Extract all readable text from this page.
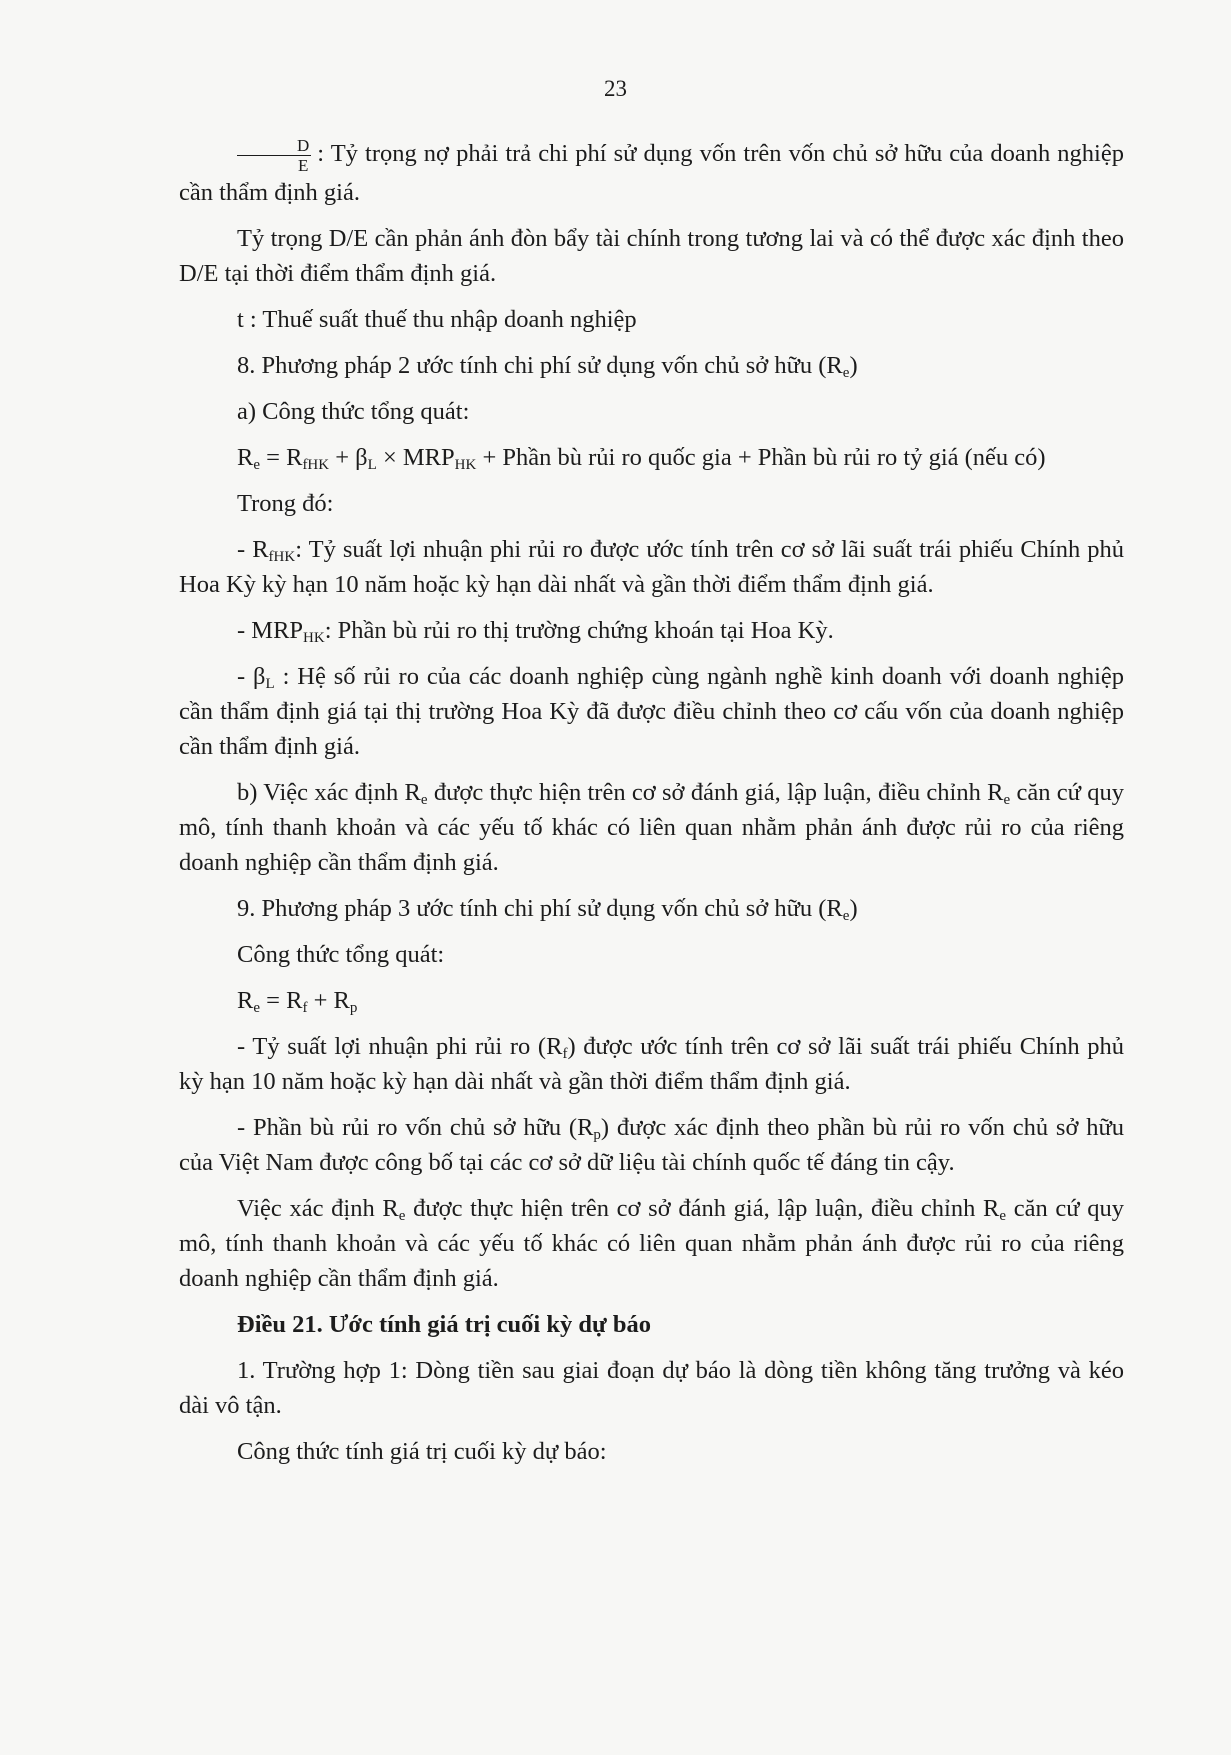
23

$\frac{D}{E}$ : Tỷ trọng nợ phải trả chi phí sử dụng vốn trên vốn chủ sở hữu của doanh nghiệp cần thẩm định giá.

Tỷ trọng D/E cần phản ánh đòn bẩy tài chính trong tương lai và có thể được xác định theo D/E tại thời điểm thẩm định giá.

t : Thuế suất thuế thu nhập doanh nghiệp

8. Phương pháp 2 ước tính chi phí sử dụng vốn chủ sở hữu $(R_e)$

a) Công thức tổng quát:

$R_e = R_{fHK} + \beta_L \times MRP_{HK}$ + Phần bù rủi ro quốc gia + Phần bù rủi ro tỷ giá (nếu có)

Trong đó:

- $R_{fHK}$: Tỷ suất lợi nhuận phi rủi ro được ước tính trên cơ sở lãi suất trái phiếu Chính phủ Hoa Kỳ kỳ hạn 10 năm hoặc kỳ hạn dài nhất và gần thời điểm thẩm định giá.

- $MRP_{HK}$: Phần bù rủi ro thị trường chứng khoán tại Hoa Kỳ.

- $\beta_L$ : Hệ số rủi ro của các doanh nghiệp cùng ngành nghề kinh doanh với doanh nghiệp cần thẩm định giá tại thị trường Hoa Kỳ đã được điều chỉnh theo cơ cấu vốn của doanh nghiệp cần thẩm định giá.

b) Việc xác định $R_e$ được thực hiện trên cơ sở đánh giá, lập luận, điều chỉnh $R_e$ căn cứ quy mô, tính thanh khoản và các yếu tố khác có liên quan nhằm phản ánh được rủi ro của riêng doanh nghiệp cần thẩm định giá.

9. Phương pháp 3 ước tính chi phí sử dụng vốn chủ sở hữu $(R_e)$

Công thức tổng quát:

$R_e = R_f + R_p$

- Tỷ suất lợi nhuận phi rủi ro $(R_f)$ được ước tính trên cơ sở lãi suất trái phiếu Chính phủ kỳ hạn 10 năm hoặc kỳ hạn dài nhất và gần thời điểm thẩm định giá.

- Phần bù rủi ro vốn chủ sở hữu $(R_p)$ được xác định theo phần bù rủi ro vốn chủ sở hữu của Việt Nam được công bố tại các cơ sở dữ liệu tài chính quốc tế đáng tin cậy.

Việc xác định $R_e$ được thực hiện trên cơ sở đánh giá, lập luận, điều chỉnh $R_e$ căn cứ quy mô, tính thanh khoản và các yếu tố khác có liên quan nhằm phản ánh được rủi ro của riêng doanh nghiệp cần thẩm định giá.

Điều 21. Ước tính giá trị cuối kỳ dự báo

1. Trường hợp 1: Dòng tiền sau giai đoạn dự báo là dòng tiền không tăng trưởng và kéo dài vô tận.

Công thức tính giá trị cuối kỳ dự báo:
